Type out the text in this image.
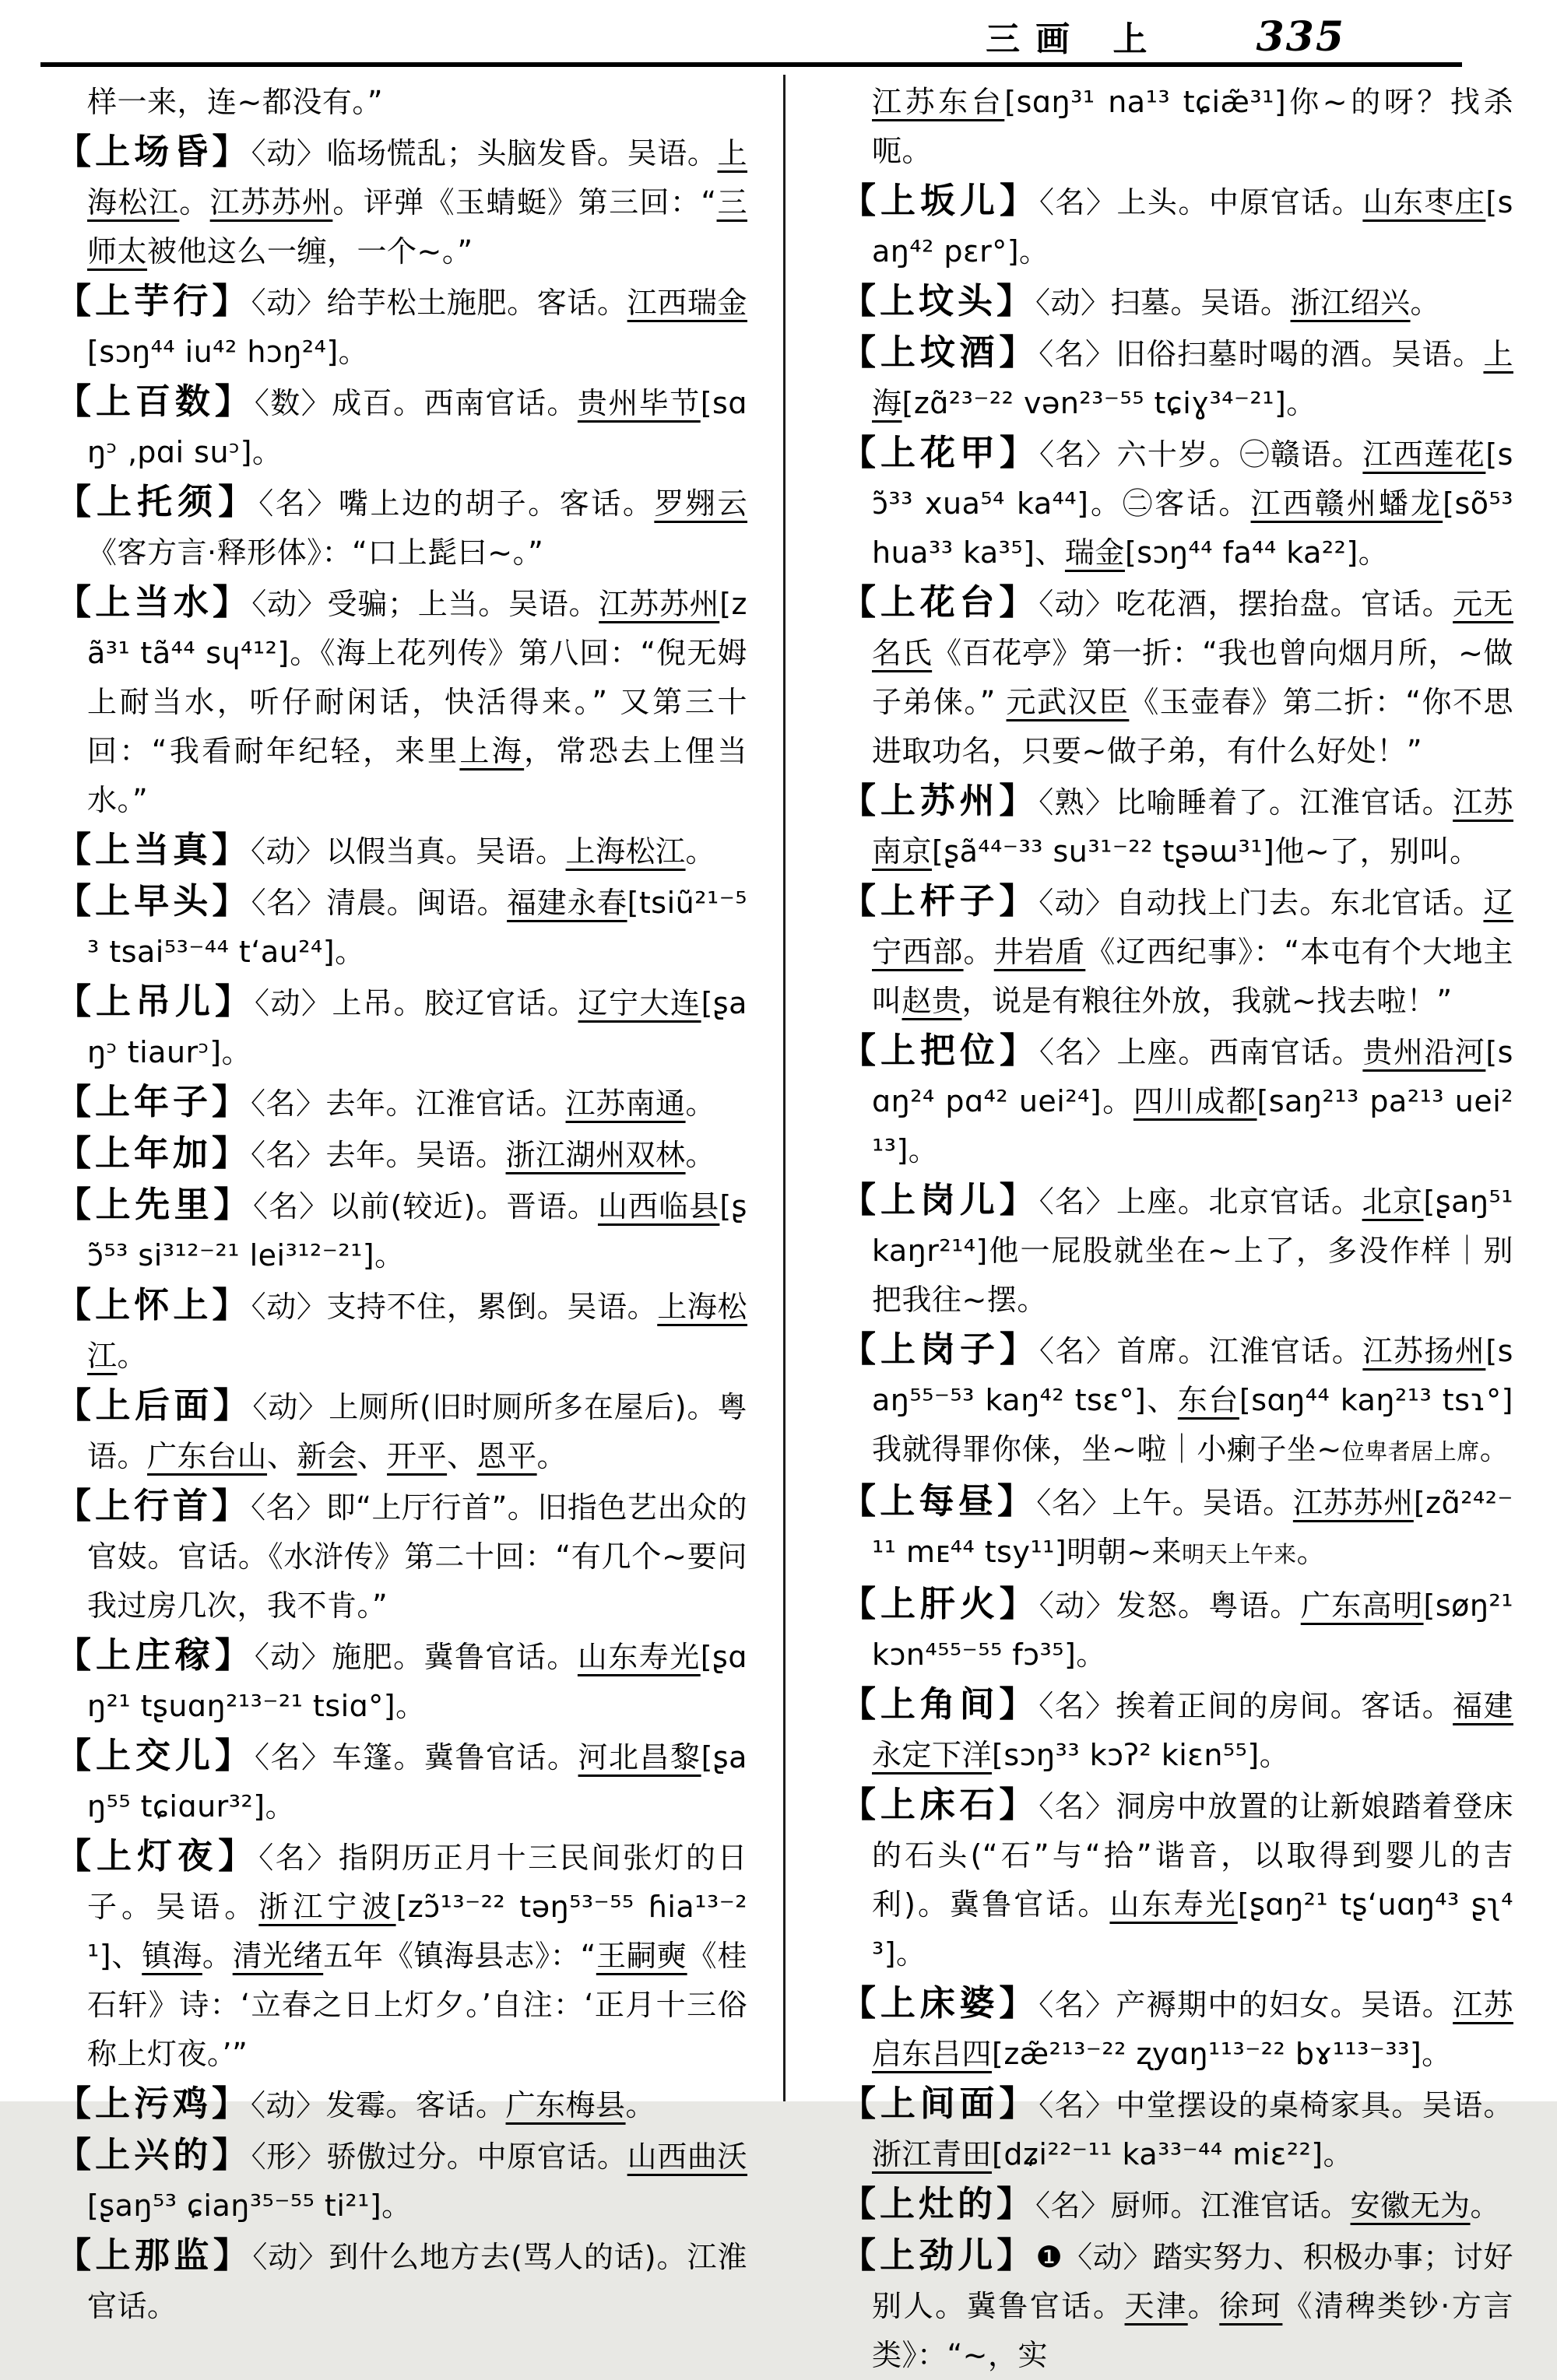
三画 上 335

样一来，连~都没有。”

【上场昏】〈动〉临场慌乱；头脑发昏。吴语。上海松江。江苏苏州。评弹《玉蜻蜓》第三回：“三师太被他这么一缠，一个~。”

【上芋行】〈动〉给芋松土施肥。客话。江西瑞金[sɔŋ⁴⁴ iu⁴² hɔŋ²⁴]。

【上百数】〈数〉成百。西南官话。贵州毕节[sɑŋᵓ ‚pɑi suᵓ]。

【上托须】〈名〉嘴上边的胡子。客话。罗翙云《客方言·释形体》：“口上髭曰~。”

【上当水】〈动〉受骗；上当。吴语。江苏苏州[zã³¹ tã⁴⁴ sɥ⁴¹²]。《海上花列传》第八回：“倪无姆上耐当水，听仔耐闲话，快活得来。” 又第三十回：“我看耐年纪轻，来里上海，常恐去上俚当水。”

【上当真】〈动〉以假当真。吴语。上海松江。

【上早头】〈名〉清晨。闽语。福建永春[tsiũ²¹⁻⁵³ tsai⁵³⁻⁴⁴ tʻau²⁴]。

【上吊儿】〈动〉上吊。胶辽官话。辽宁大连[ʂaŋᵓ tiaurᵓ]。

【上年子】〈名〉去年。江淮官话。江苏南通。

【上年加】〈名〉去年。吴语。浙江湖州双林。

【上先里】〈名〉以前(较近)。晋语。山西临县[ʂɔ̃⁵³ si³¹²⁻²¹ lei³¹²⁻²¹]。

【上怀上】〈动〉支持不住，累倒。吴语。上海松江。

【上后面】〈动〉上厕所(旧时厕所多在屋后)。粤语。广东台山、新会、开平、恩平。

【上行首】〈名〉即“上厅行首”。旧指色艺出众的官妓。官话。《水浒传》第二十回：“有几个~要问我过房几次，我不肯。”

【上庄稼】〈动〉施肥。冀鲁官话。山东寿光[ʂɑŋ²¹ tʂuɑŋ²¹³⁻²¹ tsiɑ°]。

【上交儿】〈名〉车篷。冀鲁官话。河北昌黎[ʂaŋ⁵⁵ tɕiɑur³²]。

【上灯夜】〈名〉指阴历正月十三民间张灯的日子。吴语。浙江宁波[zɔ̃¹³⁻²² təŋ⁵³⁻⁵⁵ ɦia¹³⁻²¹]、镇海。清光绪五年《镇海县志》：“王嗣奭《桂石轩》诗：‘立春之日上灯夕。’自注：‘正月十三俗称上灯夜。’”

【上污鸡】〈动〉发霉。客话。广东梅县。

【上兴的】〈形〉骄傲过分。中原官话。山西曲沃[ʂaŋ⁵³ ɕiaŋ³⁵⁻⁵⁵ ti²¹]。

【上那监】〈动〉到什么地方去(骂人的话)。江淮官话。

江苏东台[sɑŋ³¹ na¹³ tɕiæ̃³¹]你~的呀？找杀呃。

【上坂儿】〈名〉上头。中原官话。山东枣庄[saŋ⁴² pɛr°]。

【上坟头】〈动〉扫墓。吴语。浙江绍兴。

【上坟酒】〈名〉旧俗扫墓时喝的酒。吴语。上海[zɑ̃²³⁻²² vən²³⁻⁵⁵ tɕiɣ³⁴⁻²¹]。

【上花甲】〈名〉六十岁。㊀赣语。江西莲花[sɔ̃³³ xua⁵⁴ ka⁴⁴]。㊁客话。江西赣州蟠龙[sõ⁵³ hua³³ ka³⁵]、瑞金[sɔŋ⁴⁴ fa⁴⁴ ka²²]。

【上花台】〈动〉吃花酒，摆抬盘。官话。元无名氏《百花亭》第一折：“我也曾向烟月所，~做子弟俫。” 元武汉臣《玉壶春》第二折：“你不思进取功名，只要~做子弟，有什么好处！”

【上苏州】〈熟〉比喻睡着了。江淮官话。江苏南京[ʂã⁴⁴⁻³³ su³¹⁻²² tʂəɯ³¹]他~了，别叫。

【上杆子】〈动〉自动找上门去。东北官话。辽宁西部。井岩盾《辽西纪事》：“本屯有个大地主叫赵贵，说是有粮往外放，我就~找去啦！”

【上把位】〈名〉上座。西南官话。贵州沿河[sɑŋ²⁴ pɑ⁴² uei²⁴]。四川成都[saŋ²¹³ pa²¹³ uei²¹³]。

【上岗儿】〈名〉上座。北京官话。北京[ʂaŋ⁵¹ kaŋr²¹⁴]他一屁股就坐在~上了，多没作样｜别把我往~摆。

【上岗子】〈名〉首席。江淮官话。江苏扬州[saŋ⁵⁵⁻⁵³ kaŋ⁴² tsɛ°]、东台[sɑŋ⁴⁴ kaŋ²¹³ tsɿ°]我就得罪你俫，坐~啦｜小瘌子坐~位卑者居上席。

【上每昼】〈名〉上午。吴语。江苏苏州[zɑ̃²⁴²⁻¹¹ mᴇ⁴⁴ tsy¹¹]明朝~来明天上午来。

【上肝火】〈动〉发怒。粤语。广东高明[søŋ²¹ kɔn⁴⁵⁵⁻⁵⁵ fɔ³⁵]。

【上角间】〈名〉挨着正间的房间。客话。福建永定下洋[sɔŋ³³ kɔʔ² kiɛn⁵⁵]。

【上床石】〈名〉洞房中放置的让新娘踏着登床的石头(“石”与“拾”谐音，以取得到婴儿的吉利)。冀鲁官话。山东寿光[ʂɑŋ²¹ tʂʻuɑŋ⁴³ ʂʅ⁴³]。

【上床婆】〈名〉产褥期中的妇女。吴语。江苏启东吕四[zæ̃²¹³⁻²² ʐyɑŋ¹¹³⁻²² bɤ¹¹³⁻³³]。

【上间面】〈名〉中堂摆设的桌椅家具。吴语。浙江青田[dʑi²²⁻¹¹ ka³³⁻⁴⁴ miɛ²²]。

【上灶的】〈名〉厨师。江淮官话。安徽无为。

【上劲儿】❶〈动〉踏实努力、积极办事；讨好别人。冀鲁官话。天津。徐珂《清稗类钞·方言类》：“~，实
